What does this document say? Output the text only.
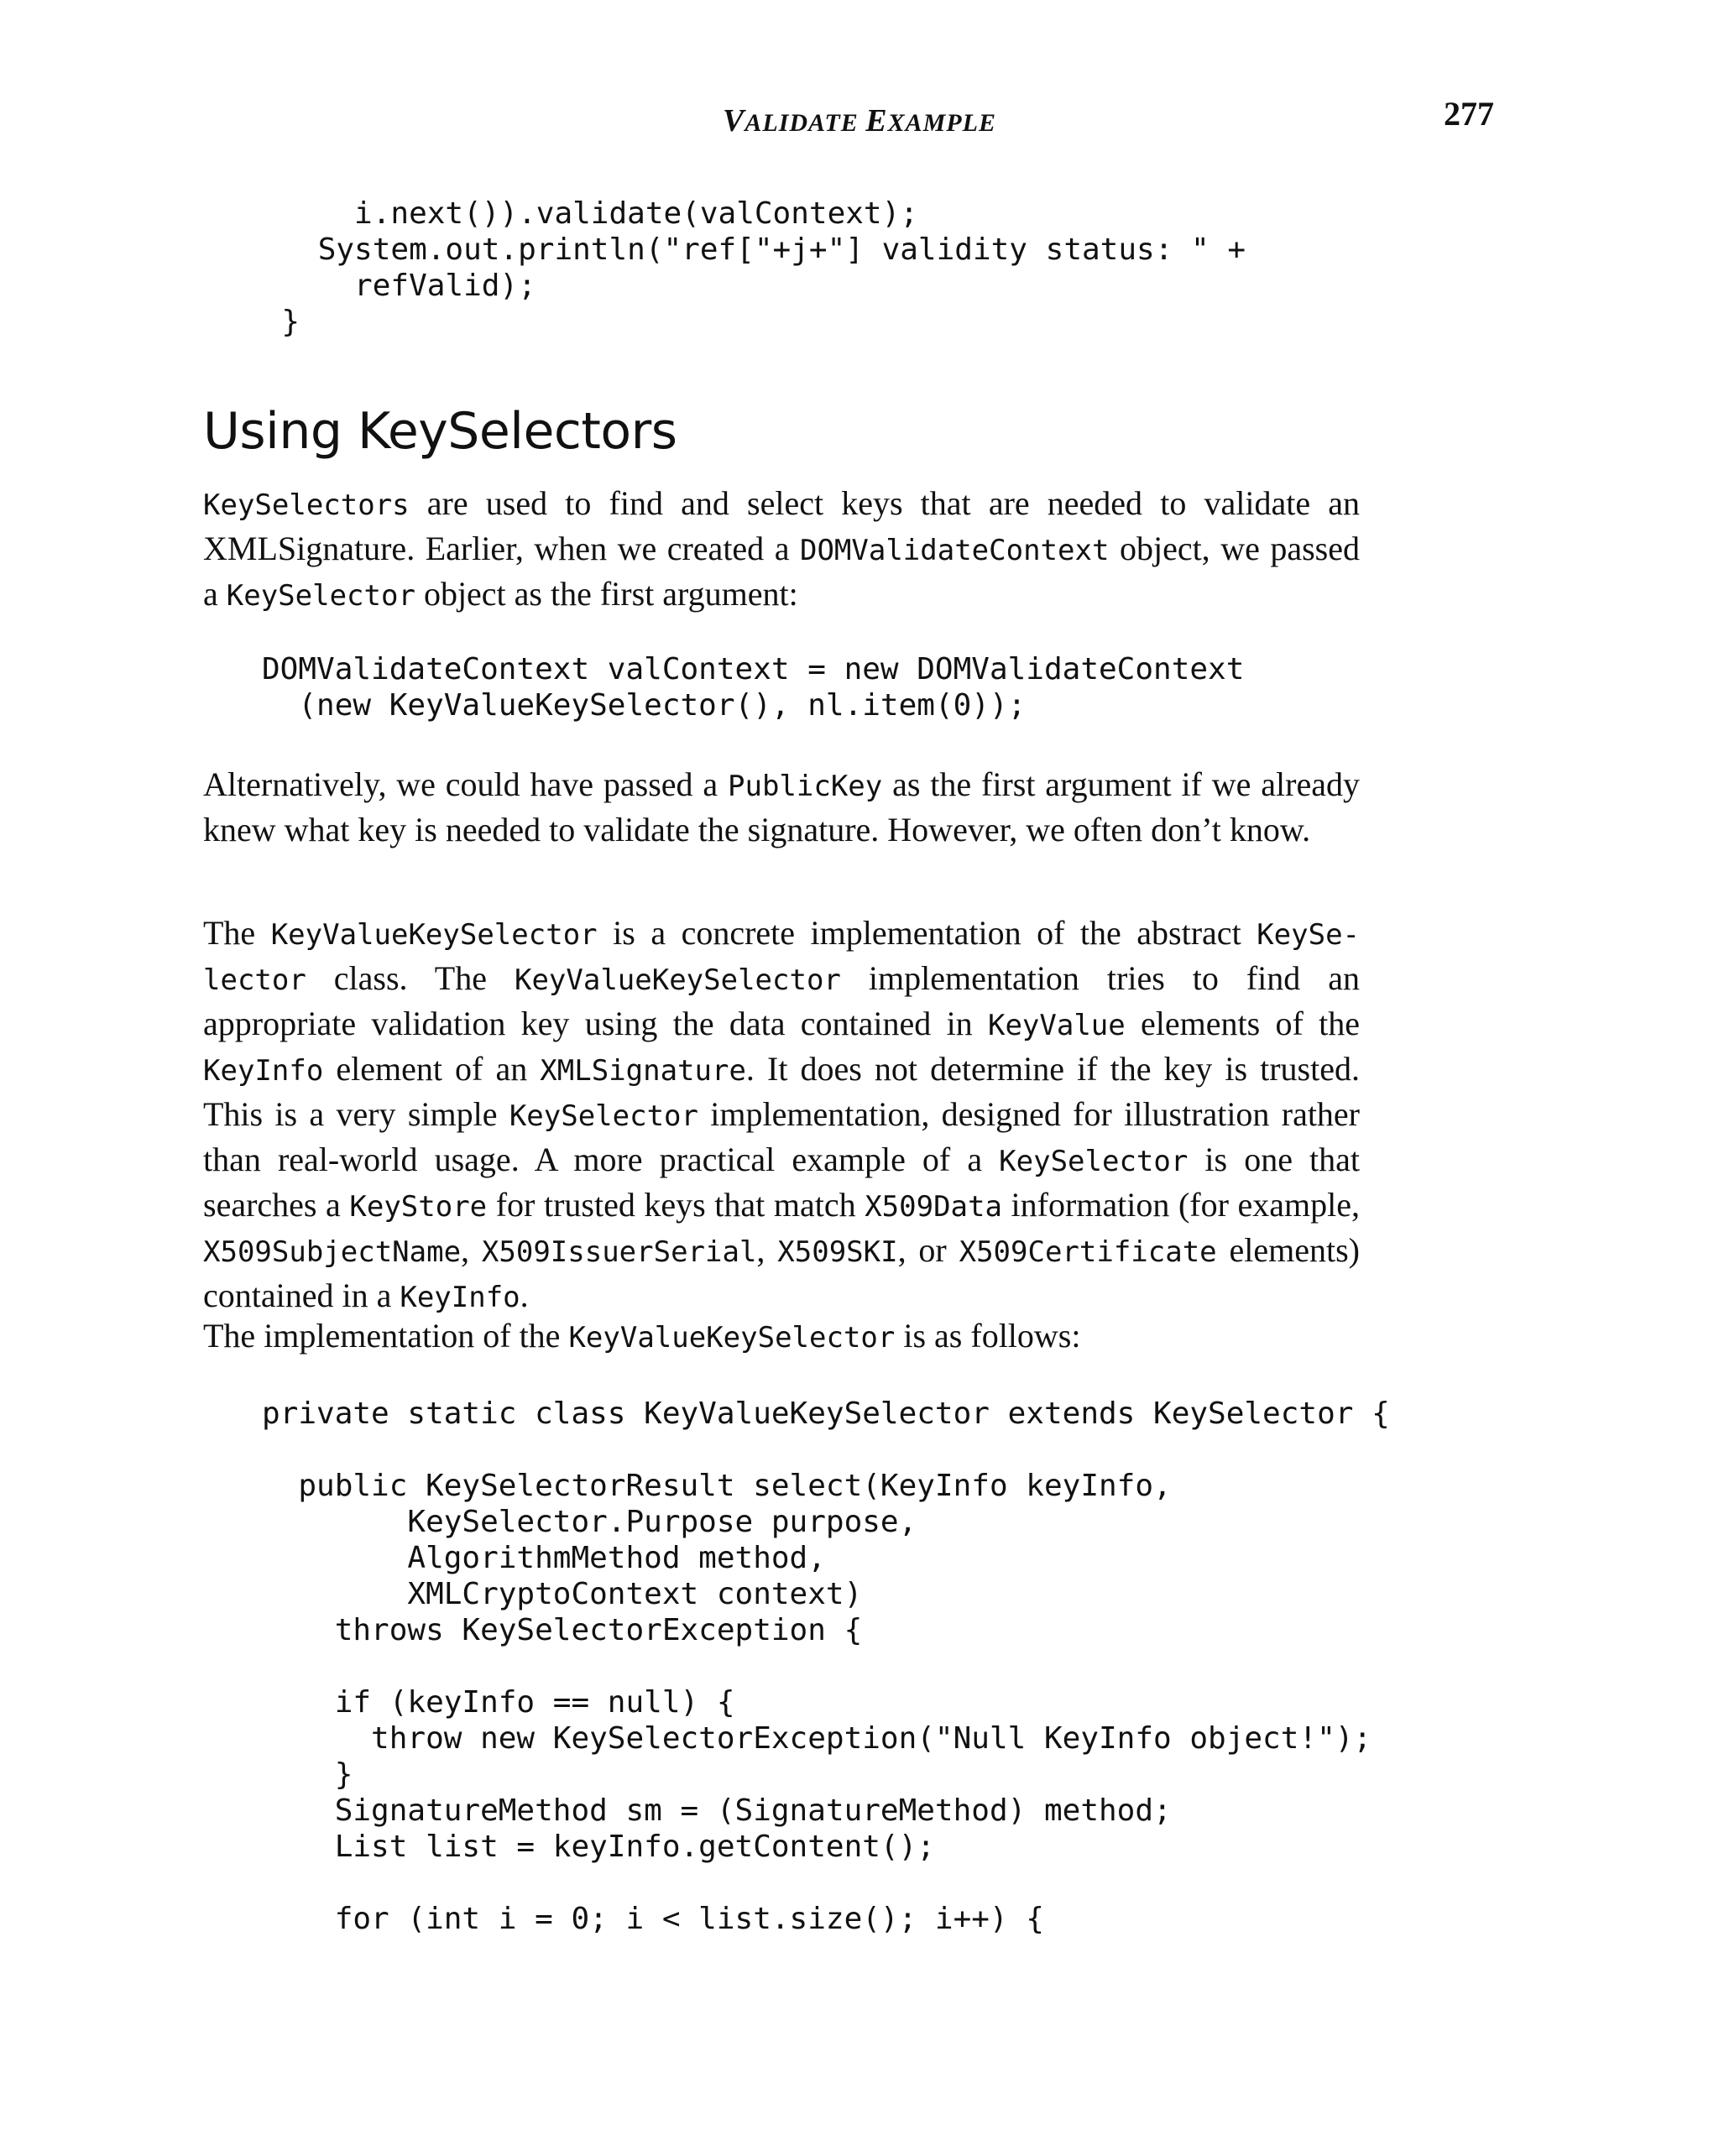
VALIDATE EXAMPLE	277
i.next()).validate(valContext);
System.out.println("ref["+j+"] validity status: " +
refValid);
}
Using KeySelectors

KeySelectors are used to find and select keys that are needed to validate an XMLSignature. Earlier, when we created a DOMValidateContext object, we passed a KeySelector object as the first argument:

DOMValidateContext valContext = new DOMValidateContext
(new KeyValueKeySelector(), nl.item(0));

Alternatively, we could have passed a PublicKey as the first argument if we already knew what key is needed to validate the signature. However, we often don’t know.

The KeyValueKeySelector is a concrete implementation of the abstract KeySe-lector class. The KeyValueKeySelector implementation tries to find an appropriate validation key using the data contained in KeyValue elements of the KeyInfo element of an XMLSignature. It does not determine if the key is trusted. This is a very simple KeySelector implementation, designed for illustration rather than real-world usage. A more practical example of a KeySelector is one that searches a KeyStore for trusted keys that match X509Data information (for example, X509SubjectName, X509IssuerSerial, X509SKI, or X509Certificate elements) contained in a KeyInfo.

The implementation of the KeyValueKeySelector is as follows:

private static class KeyValueKeySelector extends KeySelector {

public KeySelectorResult select(KeyInfo keyInfo,
KeySelector.Purpose purpose,
AlgorithmMethod method,
XMLCryptoContext context)
throws KeySelectorException {

if (keyInfo == null) {
throw new KeySelectorException("Null KeyInfo object!");
}
SignatureMethod sm = (SignatureMethod) method;
List list = keyInfo.getContent();

for (int i = 0; i < list.size(); i++) {
